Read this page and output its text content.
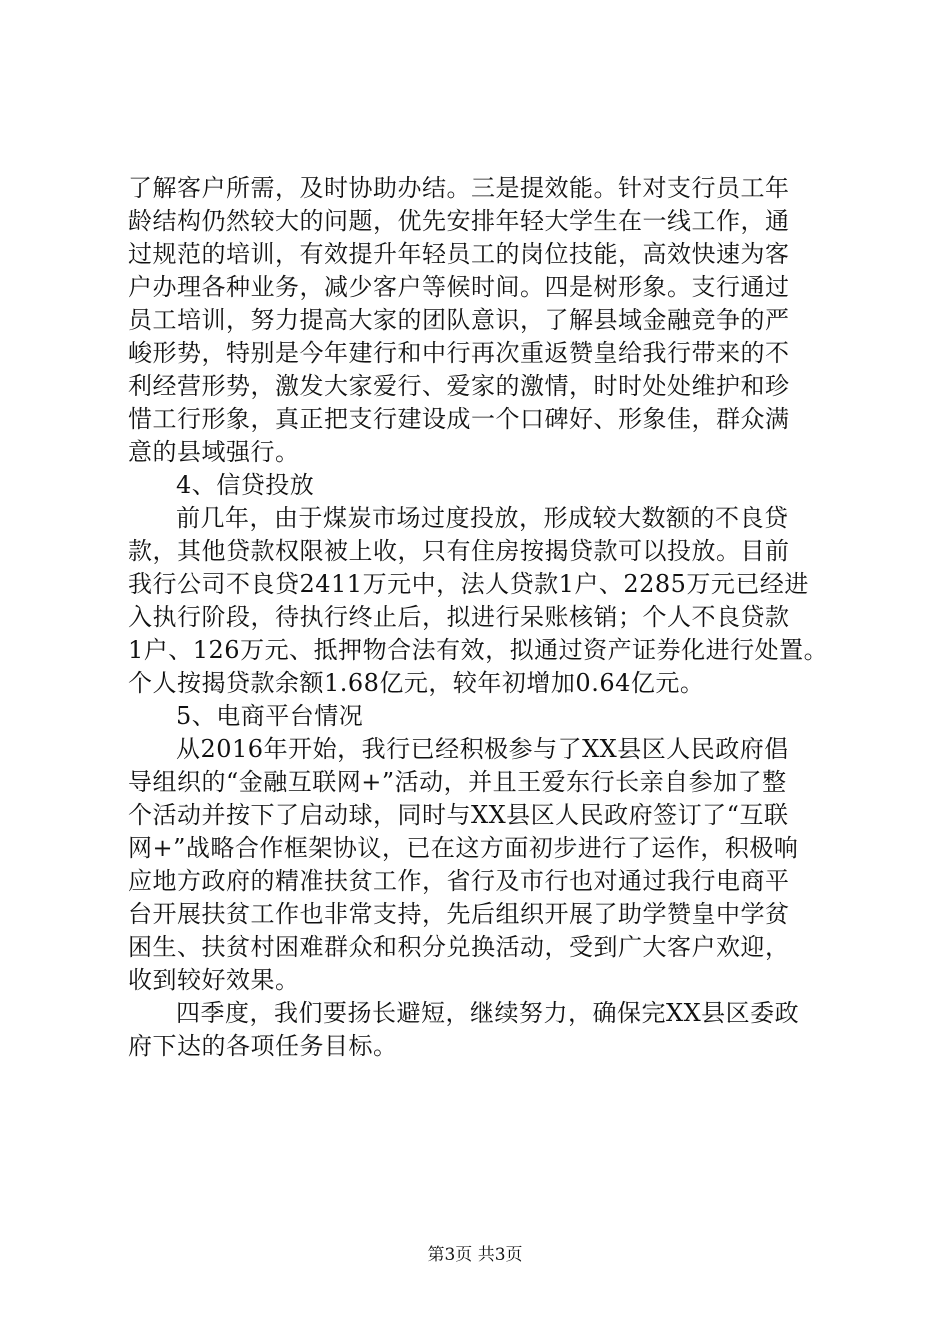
了解客户所需，及时协助办结。三是提效能。针对支行员工年
龄结构仍然较大的问题，优先安排年轻大学生在一线工作，通
过规范的培训，有效提升年轻员工的岗位技能，高效快速为客
户办理各种业务，减少客户等候时间。四是树形象。支行通过
员工培训，努力提高大家的团队意识，了解县域金融竞争的严
峻形势，特别是今年建行和中行再次重返赞皇给我行带来的不
利经营形势，激发大家爱行、爱家的激情，时时处处维护和珍
惜工行形象，真正把支行建设成一个口碑好、形象佳，群众满
意的县域强行。
4、信贷投放
前几年，由于煤炭市场过度投放，形成较大数额的不良贷
款，其他贷款权限被上收，只有住房按揭贷款可以投放。目前
我行公司不良贷2411万元中，法人贷款1户、2285万元已经进
入执行阶段，待执行终止后，拟进行呆账核销；个人不良贷款
1户、126万元、抵押物合法有效，拟通过资产证券化进行处置。
个人按揭贷款余额1.68亿元，较年初增加0.64亿元。
5、电商平台情况
从2016年开始，我行已经积极参与了XX县区人民政府倡
导组织的“金融互联网+”活动，并且王爱东行长亲自参加了整
个活动并按下了启动球，同时与XX县区人民政府签订了“互联
网+”战略合作框架协议，已在这方面初步进行了运作，积极响
应地方政府的精准扶贫工作，省行及市行也对通过我行电商平
台开展扶贫工作也非常支持，先后组织开展了助学赞皇中学贫
困生、扶贫村困难群众和积分兑换活动，受到广大客户欢迎，
收到较好效果。
四季度，我们要扬长避短，继续努力，确保完XX县区委政
府下达的各项任务目标。
第3页 共3页
